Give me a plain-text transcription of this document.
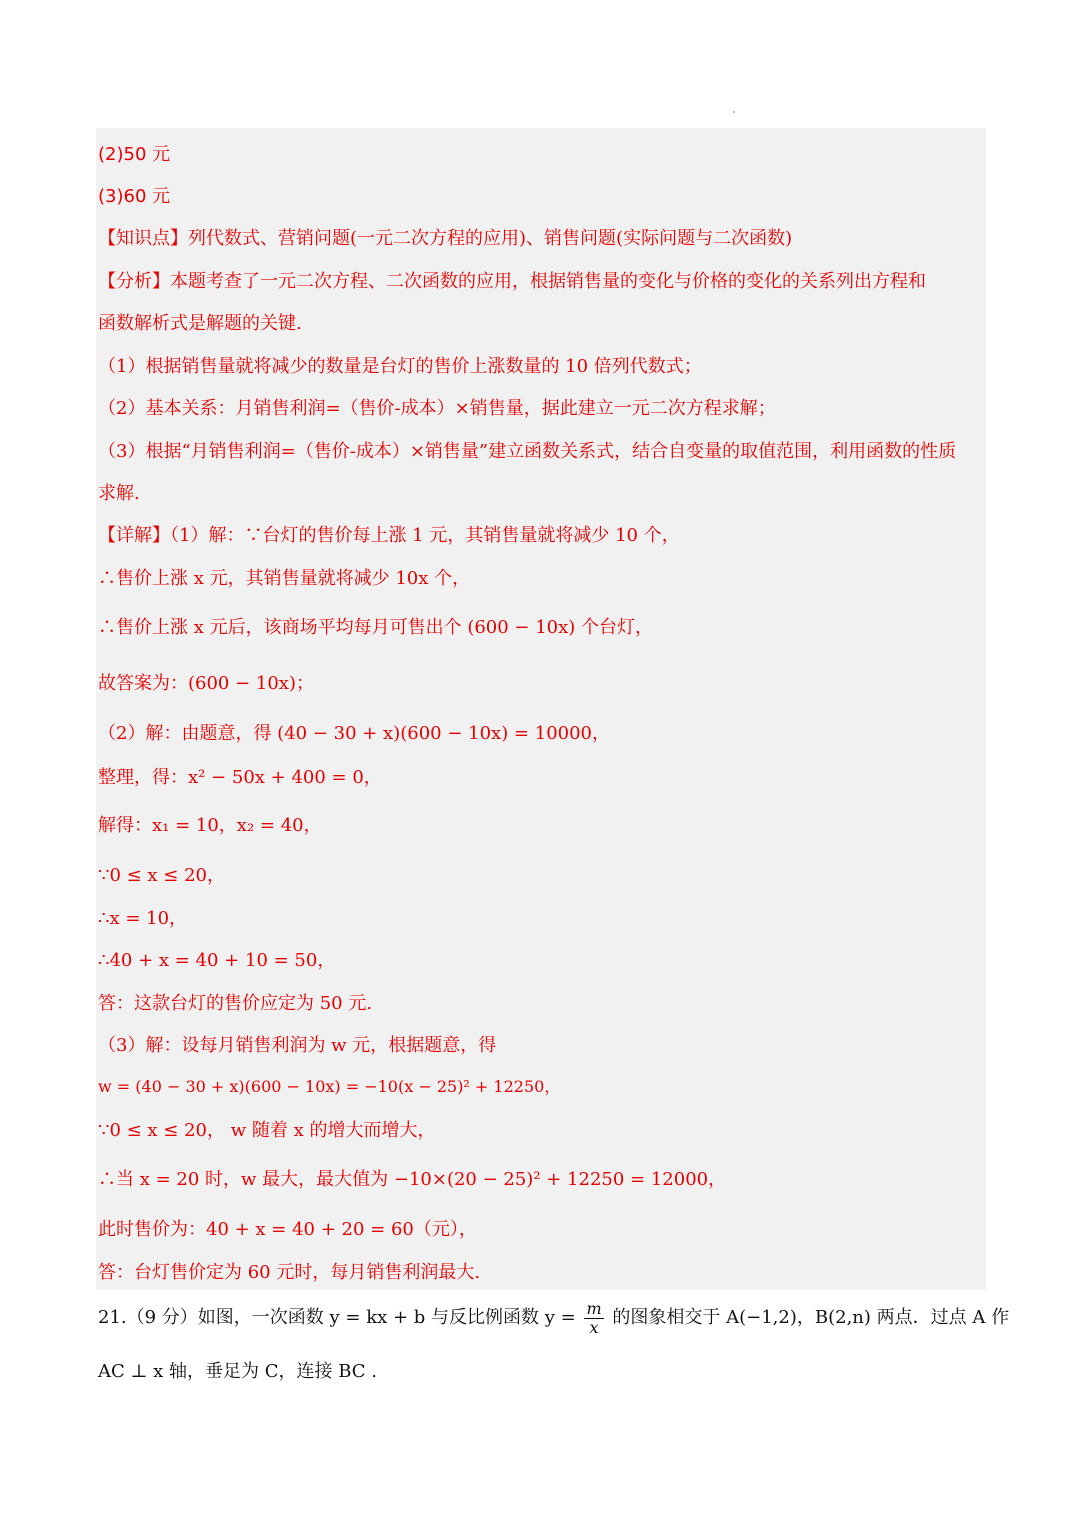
(2)50 元
(3)60 元
【知识点】列代数式、营销问题(一元二次方程的应用)、销售问题(实际问题与二次函数)
【分析】本题考查了一元二次方程、二次函数的应用，根据销售量的变化与价格的变化的关系列出方程和
函数解析式是解题的关键.
（1）根据销售量就将减少的数量是台灯的售价上涨数量的 10 倍列代数式；
（2）基本关系：月销售利润=（售价-成本）×销售量，据此建立一元二次方程求解；
（3）根据“月销售利润=（售价-成本）×销售量”建立函数关系式，结合自变量的取值范围，利用函数的性质
求解.
【详解】（1）解：∵台灯的售价每上涨 1 元，其销售量就将减少 10 个，
∴售价上涨 x 元，其销售量就将减少 10x 个，
∴售价上涨 x 元后，该商场平均每月可售出个 (600 − 10x) 个台灯，
故答案为：(600 − 10x)；
（2）解：由题意，得 (40 − 30 + x)(600 − 10x) = 10000，
整理，得：x² − 50x + 400 = 0，
解得：x₁ = 10，x₂ = 40，
∵0 ≤ x ≤ 20，
∴x = 10，
∴40 + x = 40 + 10 = 50，
答：这款台灯的售价应定为 50 元.
（3）解：设每月销售利润为 w 元，根据题意，得
w = (40 − 30 + x)(600 − 10x) = −10(x − 25)² + 12250，
∵0 ≤ x ≤ 20， w 随着 x 的增大而增大，
∴当 x = 20 时，w 最大，最大值为 −10×(20 − 25)² + 12250 = 12000，
此时售价为：40 + x = 40 + 20 = 60（元），
答：台灯售价定为 60 元时，每月销售利润最大.
21.（9 分）如图，一次函数 y = kx + b 与反比例函数 $y = \frac{m}{x}$ 的图象相交于 A(−1,2)，B(2,n) 两点．过点 A 作
AC ⊥ x 轴，垂足为 C，连接 BC .
